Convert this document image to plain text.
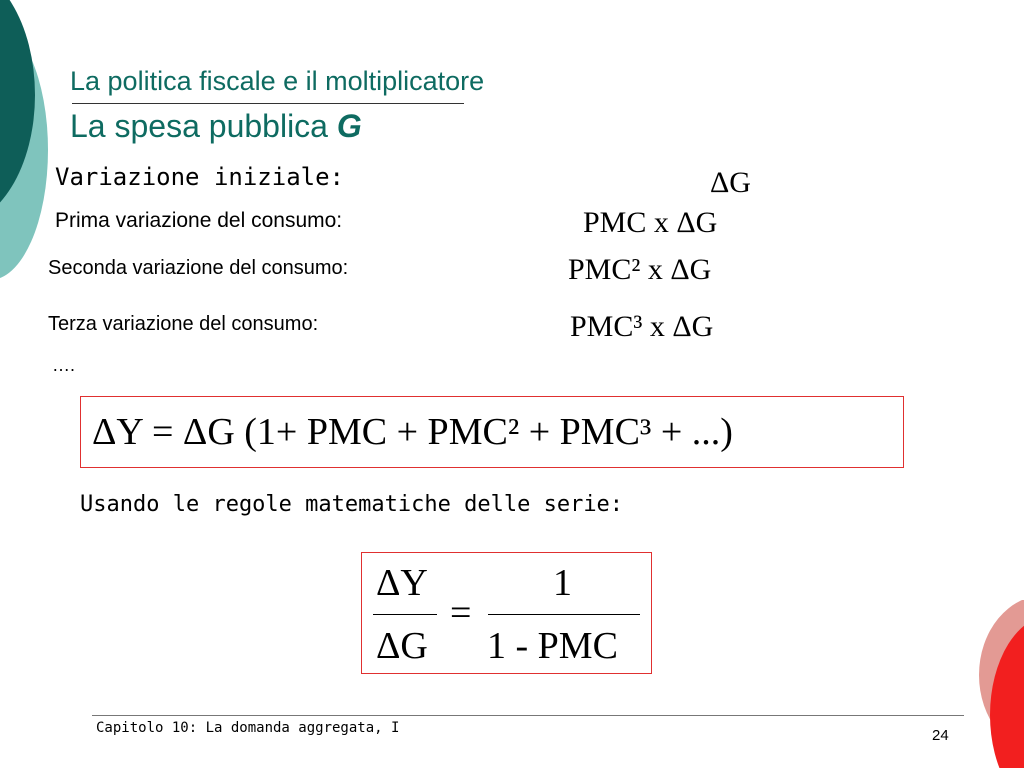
La politica fiscale e il moltiplicatore
La spesa pubblica G
Variazione iniziale:
Prima variazione del consumo:
Seconda variazione del consumo:
Terza variazione del consumo:
….
ΔG
PMC x ΔG
PMC² x ΔG
PMC³ x ΔG
ΔY = ΔG (1+ PMC + PMC² + PMC³ + ...)
Usando le regole matematiche delle serie:
ΔY
ΔG
=
1
1 - PMC
Capitolo 10: La domanda aggregata, I	24
